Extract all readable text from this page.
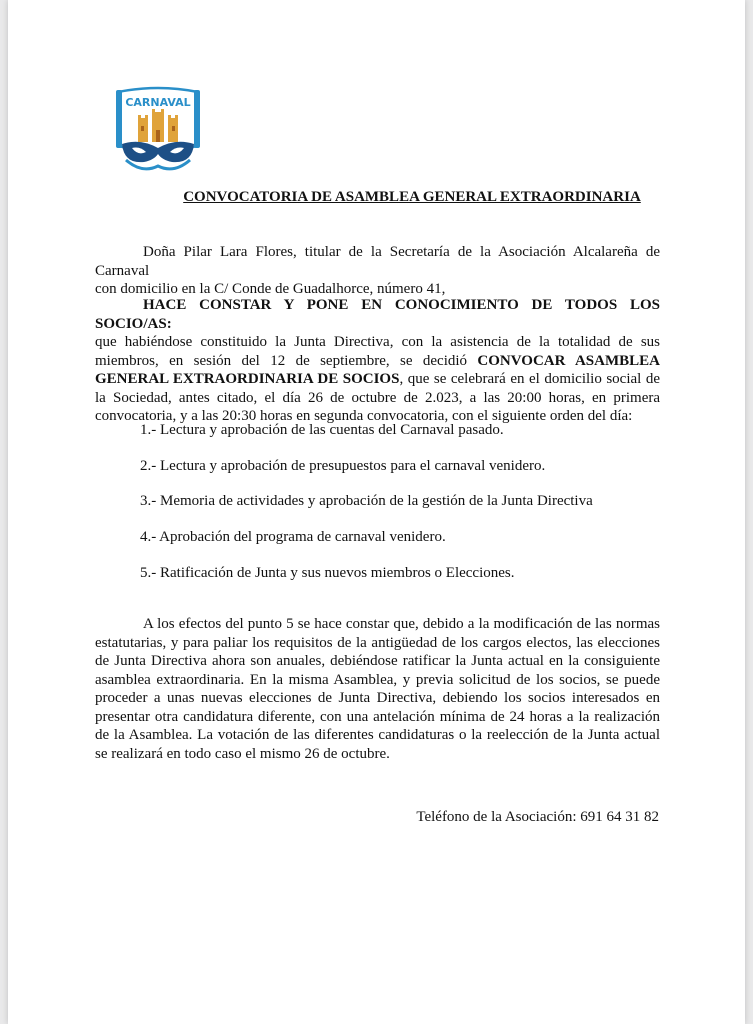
CARNAVAL
CONVOCATORIA DE ASAMBLEA GENERAL EXTRAORDINARIA
Doña Pilar Lara Flores, titular de la Secretaría de la Asociación Alcalareña de Carnaval
con domicilio en la C/ Conde de Guadalhorce, número 41,
HACE CONSTAR Y PONE EN CONOCIMIENTO DE TODOS LOS SOCIO/AS:
que habiéndose constituido la Junta Directiva, con la asistencia de la totalidad de sus miembros, en sesión del 12 de septiembre, se decidió CONVOCAR ASAMBLEA GENERAL EXTRAORDINARIA DE SOCIOS, que se celebrará en el domicilio social de la Sociedad, antes citado, el día 26 de octubre de 2.023, a las 20:00 horas, en primera convocatoria, y a las 20:30 horas en segunda convocatoria, con el siguiente orden del día:
1.- Lectura y aprobación de las cuentas del Carnaval pasado.
2.- Lectura y aprobación de presupuestos para el carnaval venidero.
3.- Memoria de actividades y aprobación de la gestión de la Junta Directiva
4.- Aprobación del programa de carnaval venidero.
5.- Ratificación de Junta y sus nuevos miembros o Elecciones.
A los efectos del punto 5 se hace constar que, debido a la modificación de las normas estatutarias, y para paliar los requisitos de la antigüedad de los cargos electos, las elecciones de Junta Directiva ahora son anuales, debiéndose ratificar la Junta actual en la consiguiente asamblea extraordinaria. En la misma Asamblea, y previa solicitud de los socios, se puede proceder a unas nuevas elecciones de Junta Directiva, debiendo los socios interesados en presentar otra candidatura diferente, con una antelación mínima de 24 horas a la realización de la Asamblea. La votación de las diferentes candidaturas o la reelección de la Junta actual se realizará en todo caso el mismo 26 de octubre.
Teléfono de la Asociación: 691 64 31 82
